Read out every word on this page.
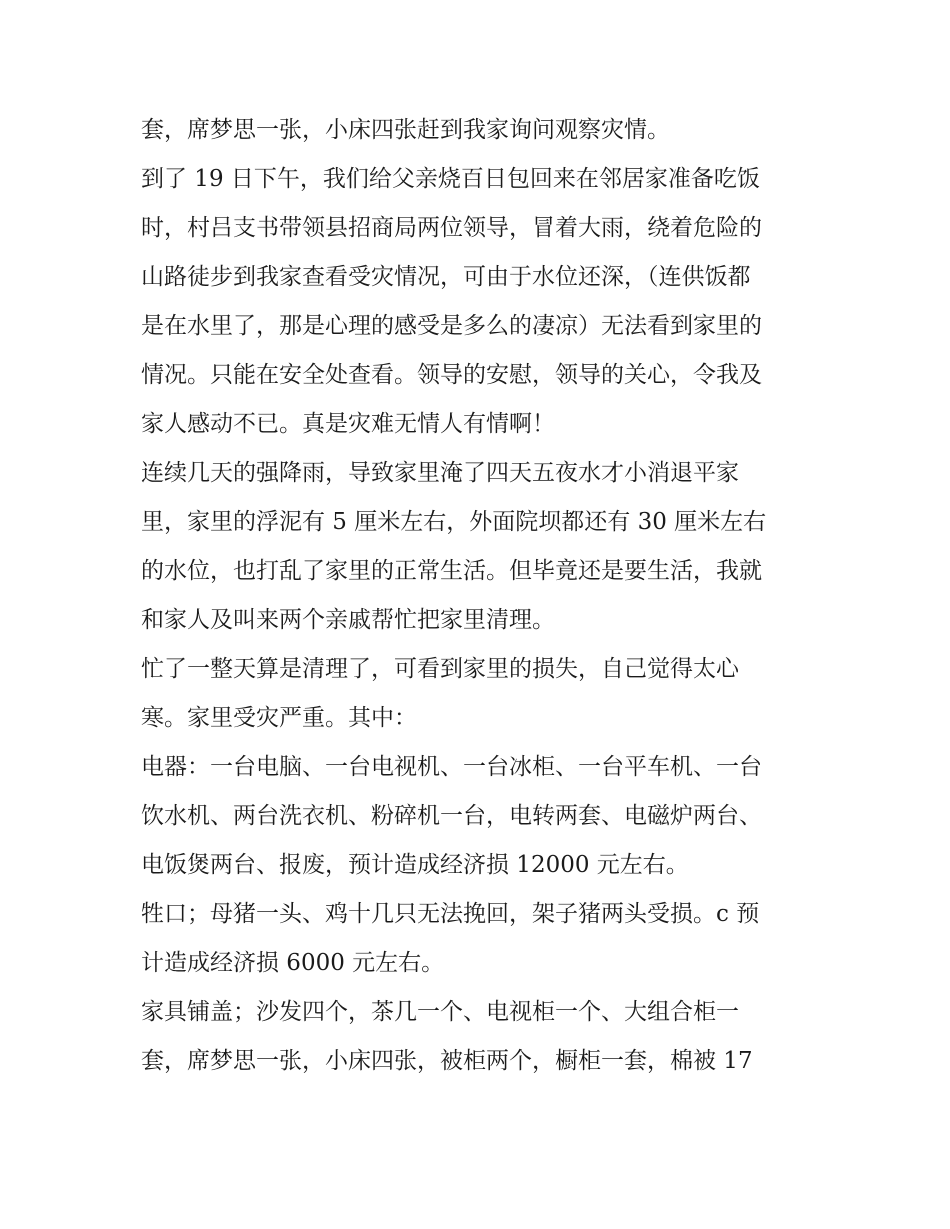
套，席梦思一张，小床四张赶到我家询问观察灾情。
到了 19 日下午，我们给父亲烧百日包回来在邻居家准备吃饭
时，村吕支书带领县招商局两位领导，冒着大雨，绕着危险的
山路徒步到我家查看受灾情况，可由于水位还深，（连供饭都
是在水里了，那是心理的感受是多么的凄凉）无法看到家里的
情况。只能在安全处查看。领导的安慰，领导的关心，令我及
家人感动不已。真是灾难无情人有情啊！
连续几天的强降雨，导致家里淹了四天五夜水才小消退平家
里，家里的浮泥有 5 厘米左右，外面院坝都还有 30 厘米左右
的水位，也打乱了家里的正常生活。但毕竟还是要生活，我就
和家人及叫来两个亲戚帮忙把家里清理。
忙了一整天算是清理了，可看到家里的损失，自己觉得太心
寒。家里受灾严重。其中：
电器：一台电脑、一台电视机、一台冰柜、一台平车机、一台
饮水机、两台洗衣机、粉碎机一台，电转两套、电磁炉两台、
电饭煲两台、报废，预计造成经济损 12000 元左右。
牲口；母猪一头、鸡十几只无法挽回，架子猪两头受损。c 预
计造成经济损 6000 元左右。
家具铺盖；沙发四个，茶几一个、电视柜一个、大组合柜一
套，席梦思一张，小床四张，被柜两个，橱柜一套，棉被 17
